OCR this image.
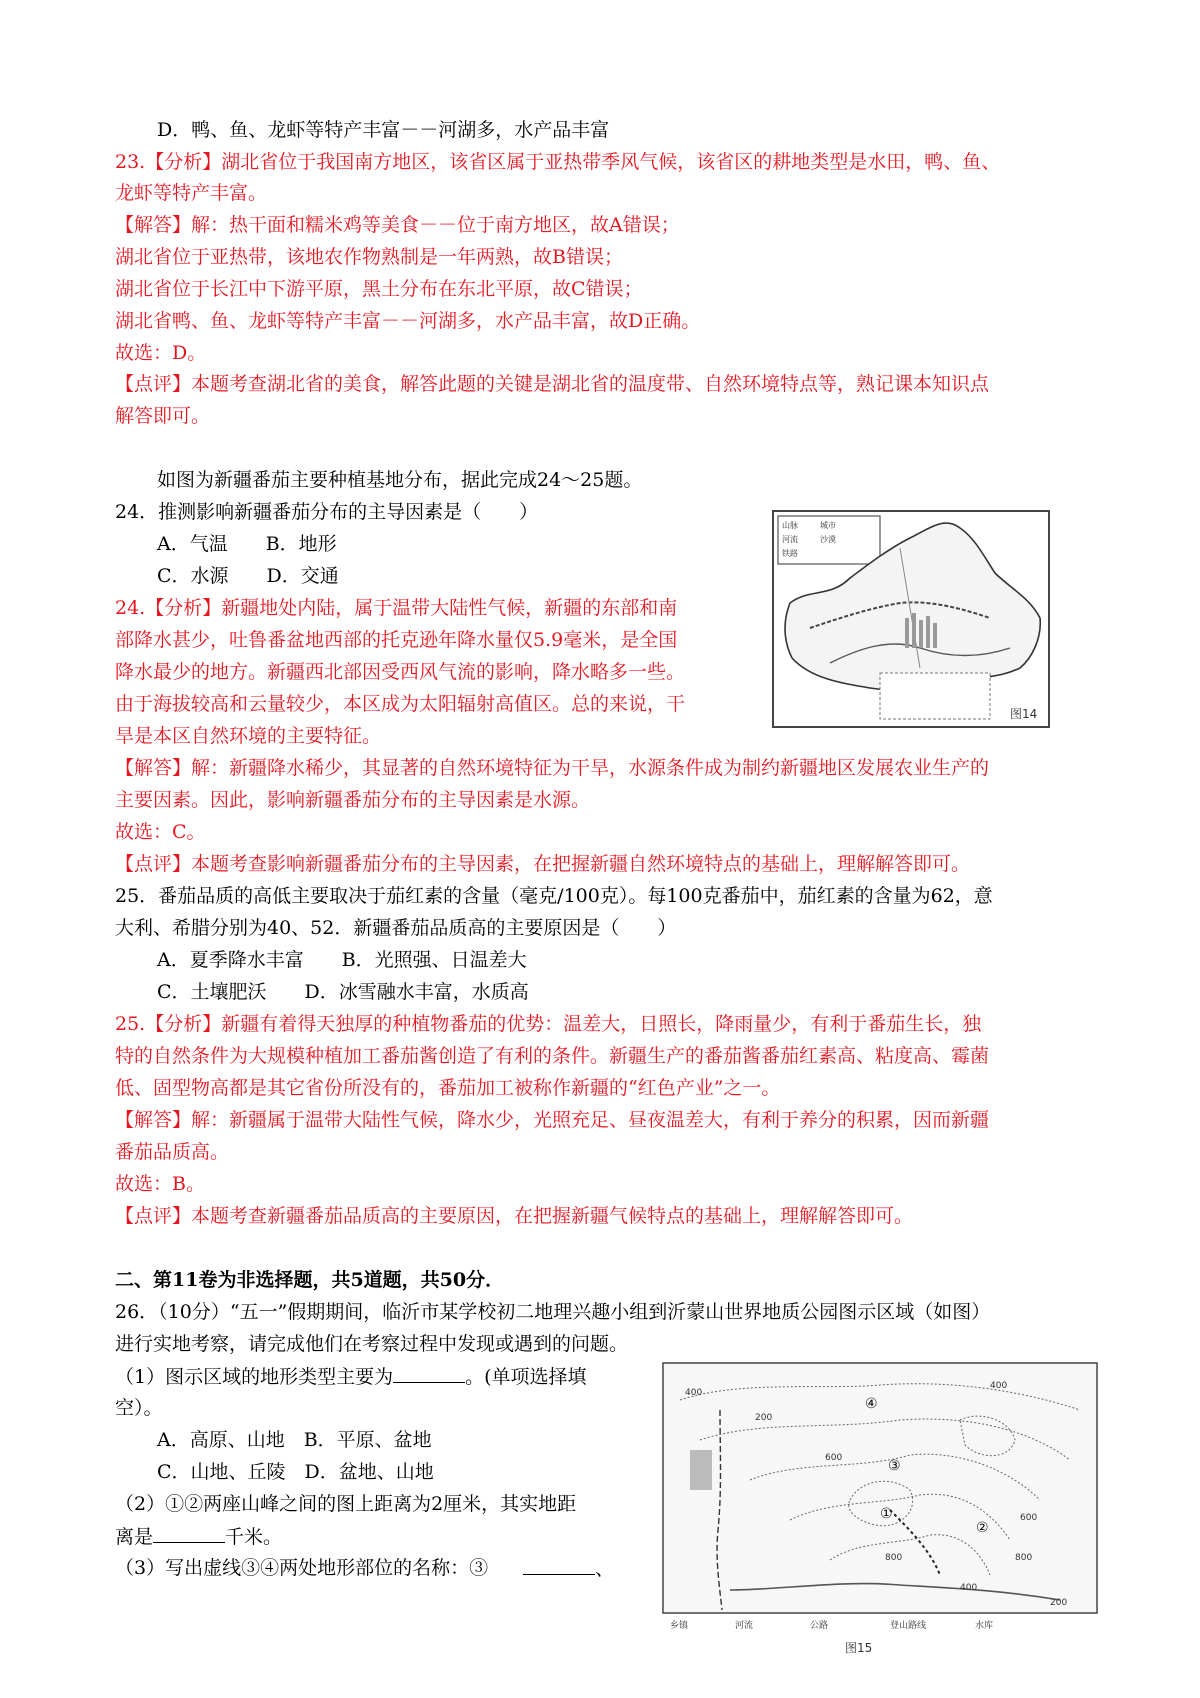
D．鸭、鱼、龙虾等特产丰富－－河湖多，水产品丰富
23.【分析】湖北省位于我国南方地区，该省区属于亚热带季风气候，该省区的耕地类型是水田，鸭、鱼、
龙虾等特产丰富。
【解答】解：热干面和糯米鸡等美食－－位于南方地区，故A错误；
湖北省位于亚热带，该地农作物熟制是一年两熟，故B错误；
湖北省位于长江中下游平原，黑土分布在东北平原，故C错误；
湖北省鸭、鱼、龙虾等特产丰富－－河湖多，水产品丰富，故D正确。
故选：D。
【点评】本题考查湖北省的美食，解答此题的关键是湖北省的温度带、自然环境特点等，熟记课本知识点
解答即可。
如图为新疆番茄主要种植基地分布，据此完成24～25题。
24．推测影响新疆番茄分布的主导因素是（　　）
A．气温　　B．地形
C．水源　　D．交通
24.【分析】新疆地处内陆，属于温带大陆性气候，新疆的东部和南
部降水甚少，吐鲁番盆地西部的托克逊年降水量仅5.9毫米，是全国
降水最少的地方。新疆西北部因受西风气流的影响，降水略多一些。
由于海拔较高和云量较少，本区成为太阳辐射高值区。总的来说，干
旱是本区自然环境的主要特征。
【解答】解：新疆降水稀少，其显著的自然环境特征为干旱，水源条件成为制约新疆地区发展农业生产的
主要因素。因此，影响新疆番茄分布的主导因素是水源。
故选：C。
【点评】本题考查影响新疆番茄分布的主导因素，在把握新疆自然环境特点的基础上，理解解答即可。
25．番茄品质的高低主要取决于茄红素的含量（毫克/100克）。每100克番茄中，茄红素的含量为62，意
大利、希腊分别为40、52．新疆番茄品质高的主要原因是（　　）
A．夏季降水丰富　　B．光照强、日温差大
C．土壤肥沃　　D．冰雪融水丰富，水质高
25.【分析】新疆有着得天独厚的种植物番茄的优势：温差大，日照长，降雨量少，有利于番茄生长，独
特的自然条件为大规模种植加工番茄酱创造了有利的条件。新疆生产的番茄酱番茄红素高、粘度高、霉菌
低、固型物高都是其它省份所没有的，番茄加工被称作新疆的“红色产业”之一。
【解答】解：新疆属于温带大陆性气候，降水少，光照充足、昼夜温差大，有利于养分的积累，因而新疆
番茄品质高。
故选：B。
【点评】本题考查新疆番茄品质高的主要原因，在把握新疆气候特点的基础上，理解解答即可。
二、第11卷为非选择题，共5道题，共50分．
26．（10分）“五一”假期期间，临沂市某学校初二地理兴趣小组到沂蒙山世界地质公园图示区域（如图）
进行实地考察，请完成他们在考察过程中发现或遇到的问题。
空）。
A．高原、山地　B．平原、盆地
C．山地、丘陵　D．盆地、山地
（2）①②两座山峰之间的图上距离为2厘米，其实地距
（3）写出虚线③④两处地形部位的名称：③
（1）图示区域的地形类型主要为	。(单项选择填
离是	千米。
、
山脉	城市
河流	沙漠
铁路
图14
400
200
600
400
800
600
800
400
200
④
③
②
①
乡镇	河流	公路	登山路线	水库
图15
